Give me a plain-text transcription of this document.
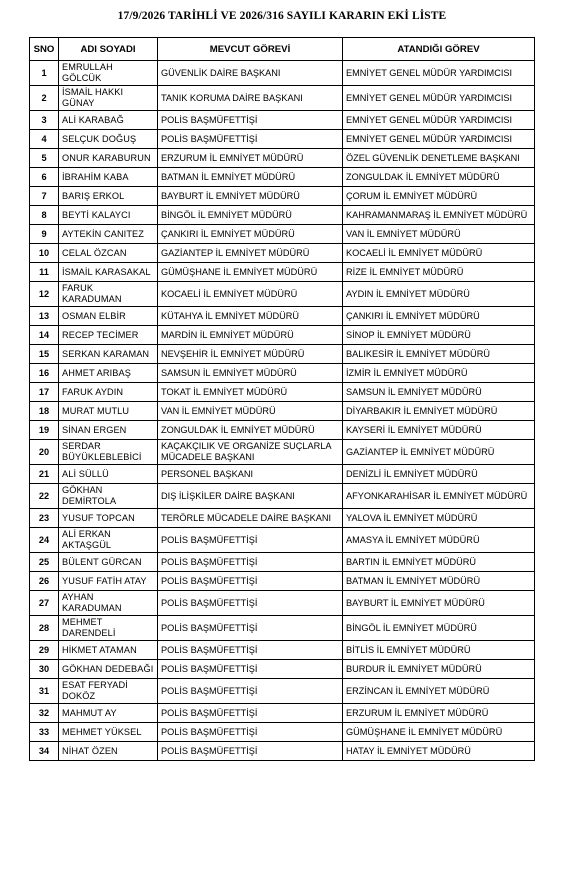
17/9/2026 TARİHLİ VE 2026/316 SAYILI KARARIN EKİ LİSTE
SNO	ADI SOYADI	MEVCUT GÖREVİ	ATANDIĞI GÖREV

1	EMRULLAH GÖLCÜK	GÜVENLİK DAİRE BAŞKANI	EMNİYET GENEL MÜDÜR YARDIMCISI

2	İSMAİL HAKKI GÜNAY	TANIK KORUMA DAİRE BAŞKANI	EMNİYET GENEL MÜDÜR YARDIMCISI

3	ALİ KARABAĞ	POLİS BAŞMÜFETTİŞİ	EMNİYET GENEL MÜDÜR YARDIMCISI

4	SELÇUK DOĞUŞ	POLİS BAŞMÜFETTİŞİ	EMNİYET GENEL MÜDÜR YARDIMCISI

5	ONUR KARABURUN	ERZURUM İL EMNİYET MÜDÜRÜ	ÖZEL GÜVENLİK DENETLEME BAŞKANI

6	İBRAHİM KABA	BATMAN İL EMNİYET MÜDÜRÜ	ZONGULDAK İL EMNİYET MÜDÜRÜ

7	BARIŞ ERKOL	BAYBURT İL EMNİYET MÜDÜRÜ	ÇORUM İL EMNİYET MÜDÜRÜ

8	BEYTİ KALAYCI	BİNGÖL İL EMNİYET MÜDÜRÜ	KAHRAMANMARAŞ İL EMNİYET MÜDÜRÜ

9	AYTEKİN CANITEZ	ÇANKIRI İL EMNİYET MÜDÜRÜ	VAN İL EMNİYET MÜDÜRÜ

10	CELAL ÖZCAN	GAZİANTEP İL EMNİYET MÜDÜRÜ	KOCAELİ İL EMNİYET MÜDÜRÜ

11	İSMAİL KARASAKAL	GÜMÜŞHANE İL EMNİYET MÜDÜRÜ	RİZE İL EMNİYET MÜDÜRÜ

12	FARUK KARADUMAN	KOCAELİ İL EMNİYET MÜDÜRÜ	AYDIN İL EMNİYET MÜDÜRÜ

13	OSMAN ELBİR	KÜTAHYA İL EMNİYET MÜDÜRÜ	ÇANKIRI İL EMNİYET MÜDÜRÜ

14	RECEP TECİMER	MARDİN İL EMNİYET MÜDÜRÜ	SİNOP İL EMNİYET MÜDÜRÜ

15	SERKAN KARAMAN	NEVŞEHİR İL EMNİYET MÜDÜRÜ	BALIKESİR İL EMNİYET MÜDÜRÜ

16	AHMET ARIBAŞ	SAMSUN İL EMNİYET MÜDÜRÜ	İZMİR İL EMNİYET MÜDÜRÜ

17	FARUK AYDIN	TOKAT İL EMNİYET MÜDÜRÜ	SAMSUN İL EMNİYET MÜDÜRÜ

18	MURAT MUTLU	VAN İL EMNİYET MÜDÜRÜ	DİYARBAKIR İL EMNİYET MÜDÜRÜ

19	SİNAN ERGEN	ZONGULDAK İL EMNİYET MÜDÜRÜ	KAYSERİ İL EMNİYET MÜDÜRÜ

20	SERDAR BÜYÜKLEBLEBİCİ	KAÇAKÇILIK VE ORGANİZE SUÇLARLA MÜCADELE BAŞKANI	GAZİANTEP İL EMNİYET MÜDÜRÜ

21	ALİ SÜLLÜ	PERSONEL BAŞKANI	DENİZLİ İL EMNİYET MÜDÜRÜ

22	GÖKHAN DEMİRTOLA	DIŞ İLİŞKİLER DAİRE BAŞKANI	AFYONKARAHİSAR İL EMNİYET MÜDÜRÜ

23	YUSUF TOPCAN	TERÖRLE MÜCADELE DAİRE BAŞKANI	YALOVA İL EMNİYET MÜDÜRÜ

24	ALİ ERKAN AKTAŞGÜL	POLİS BAŞMÜFETTİŞİ	AMASYA İL EMNİYET MÜDÜRÜ

25	BÜLENT GÜRCAN	POLİS BAŞMÜFETTİŞİ	BARTIN İL EMNİYET MÜDÜRÜ

26	YUSUF FATİH ATAY	POLİS BAŞMÜFETTİŞİ	BATMAN İL EMNİYET MÜDÜRÜ

27	AYHAN KARADUMAN	POLİS BAŞMÜFETTİŞİ	BAYBURT İL EMNİYET MÜDÜRÜ

28	MEHMET DARENDELİ	POLİS BAŞMÜFETTİŞİ	BİNGÖL İL EMNİYET MÜDÜRÜ

29	HİKMET ATAMAN	POLİS BAŞMÜFETTİŞİ	BİTLİS İL EMNİYET MÜDÜRÜ

30	GÖKHAN DEDEBAĞI	POLİS BAŞMÜFETTİŞİ	BURDUR İL EMNİYET MÜDÜRÜ

31	ESAT FERYADİ DOKÖZ	POLİS BAŞMÜFETTİŞİ	ERZİNCAN İL EMNİYET MÜDÜRÜ

32	MAHMUT AY	POLİS BAŞMÜFETTİŞİ	ERZURUM İL EMNİYET MÜDÜRÜ

33	MEHMET YÜKSEL	POLİS BAŞMÜFETTİŞİ	GÜMÜŞHANE İL EMNİYET MÜDÜRÜ

34	NİHAT ÖZEN	POLİS BAŞMÜFETTİŞİ	HATAY İL EMNİYET MÜDÜRÜ
